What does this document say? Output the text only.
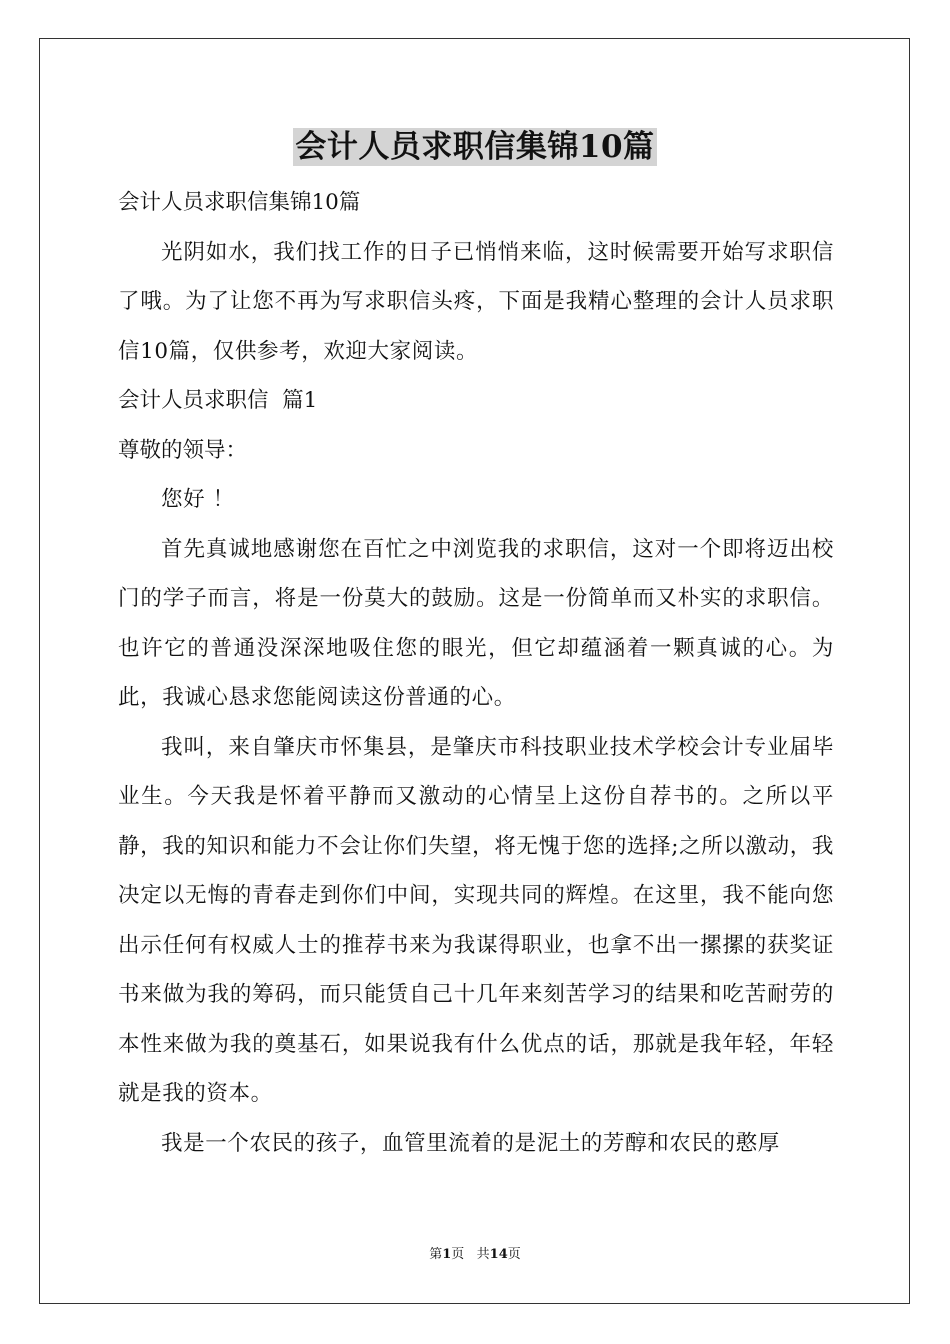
会计人员求职信集锦10篇

会计人员求职信集锦10篇

光阴如水，我们找工作的日子已悄悄来临，这时候需要开始写求职信了哦。为了让您不再为写求职信头疼，下面是我精心整理的会计人员求职信10篇，仅供参考，欢迎大家阅读。

会计人员求职信  篇1

尊敬的领导：

您好 ！

首先真诚地感谢您在百忙之中浏览我的求职信，这对一个即将迈出校门的学子而言，将是一份莫大的鼓励。这是一份简单而又朴实的求职信。也许它的普通没深深地吸住您的眼光，但它却蕴涵着一颗真诚的心。为此，我诚心恳求您能阅读这份普通的心。

我叫，来自肇庆市怀集县，是肇庆市科技职业技术学校会计专业届毕业生。今天我是怀着平静而又激动的心情呈上这份自荐书的。之所以平静，我的知识和能力不会让你们失望，将无愧于您的选择;之所以激动，我决定以无悔的青春走到你们中间，实现共同的辉煌。在这里，我不能向您出示任何有权威人士的推荐书来为我谋得职业，也拿不出一摞摞的获奖证书来做为我的筹码，而只能赁自己十几年来刻苦学习的结果和吃苦耐劳的本性来做为我的奠基石，如果说我有什么优点的话，那就是我年轻，年轻就是我的资本。

我是一个农民的孩子，血管里流着的是泥土的芳醇和农民的憨厚

第1页   共14页
